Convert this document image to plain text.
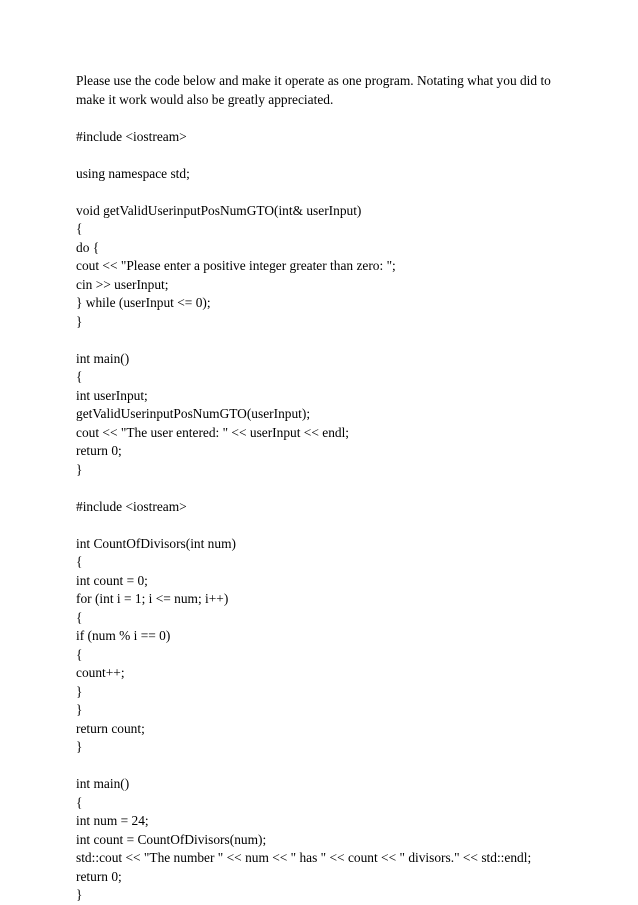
Please use the code below and make it operate as one program. Notating what you did to make it work would also be greatly appreciated.

#include <iostream>
using namespace std;
void getValidUserinputPosNumGTO(int& userInput)
{
do {
cout << "Please enter a positive integer greater than zero: ";
cin >> userInput;
} while (userInput <= 0);
}
int main()
{
int userInput;
getValidUserinputPosNumGTO(userInput);
cout << "The user entered: " << userInput << endl;
return 0;
}
#include <iostream>
int CountOfDivisors(int num)
{
int count = 0;
for (int i = 1; i <= num; i++)
{
if (num % i == 0)
{
count++;
}
}
return count;
}
int main()
{
int num = 24;
int count = CountOfDivisors(num);
std::cout << "The number " << num << " has " << count << " divisors." << std::endl;
return 0;
}
